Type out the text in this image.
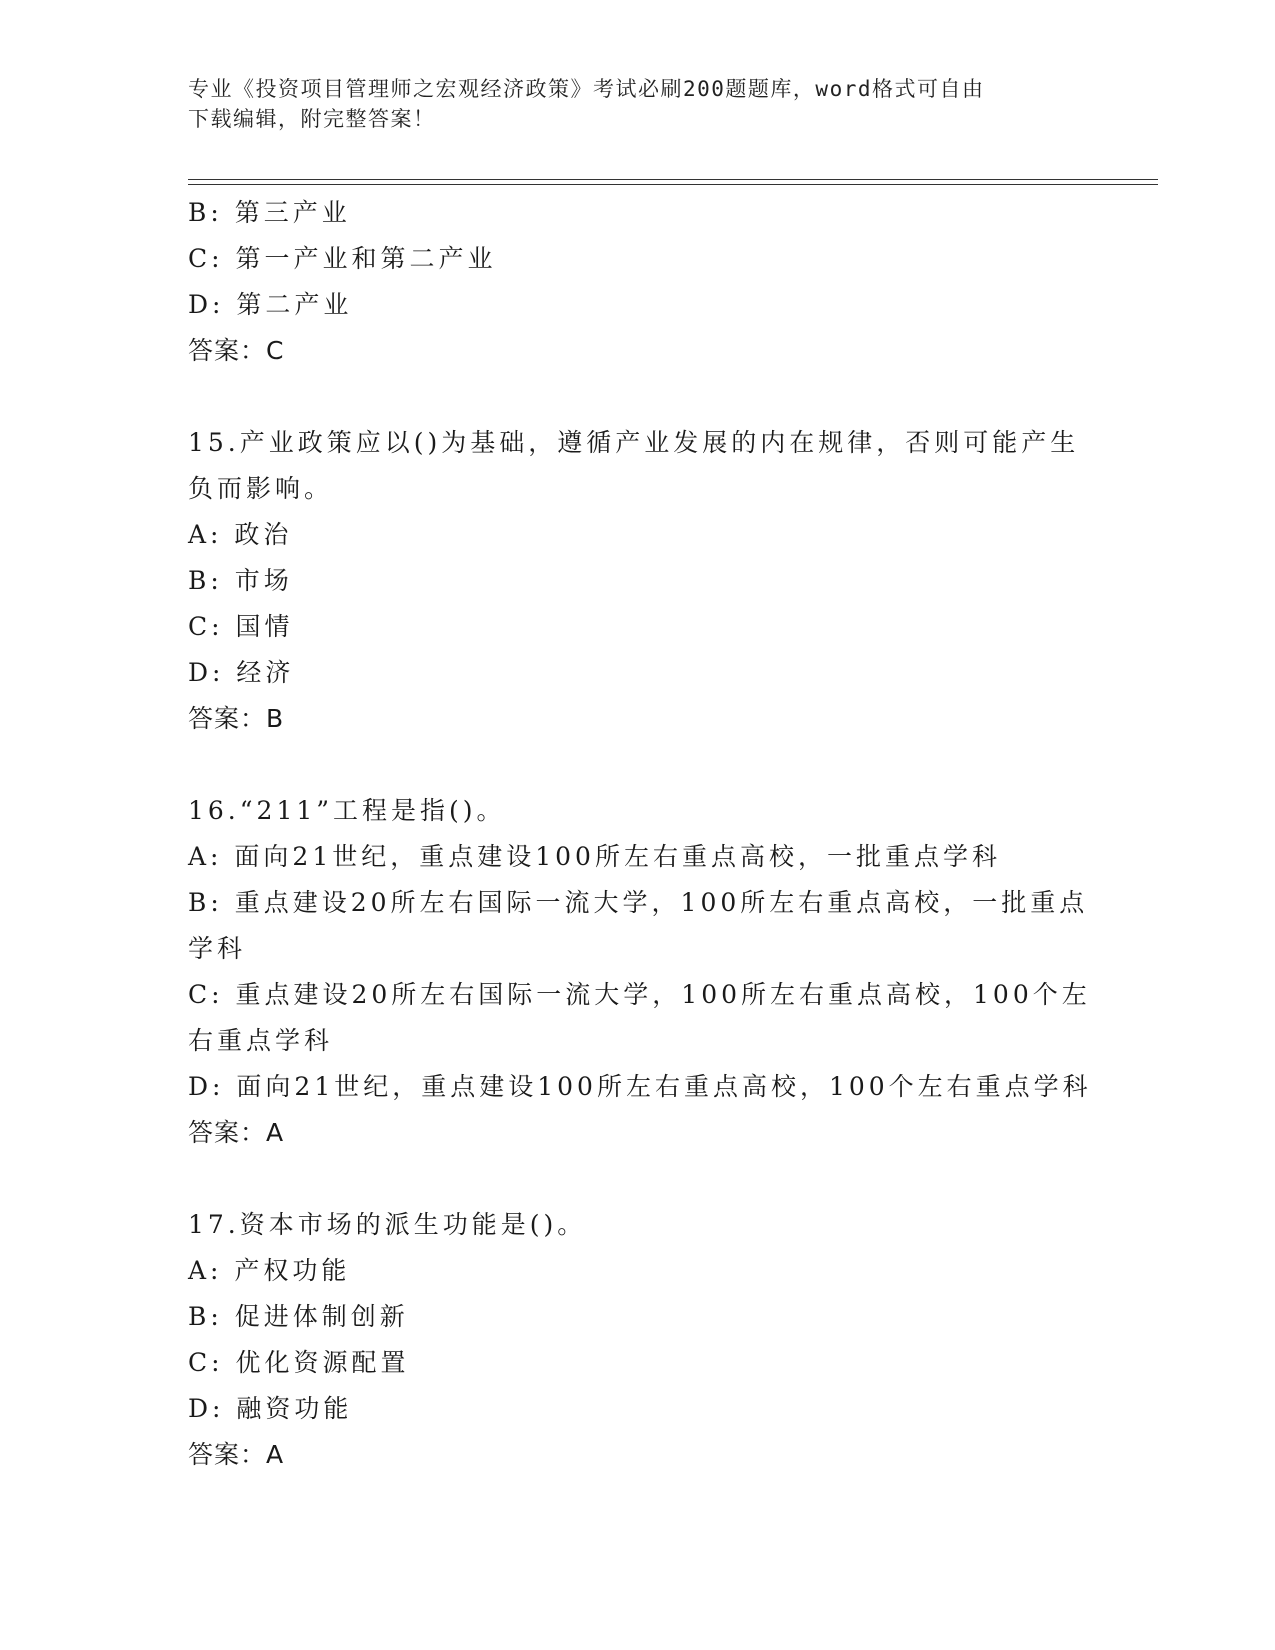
专业《投资项目管理师之宏观经济政策》考试必刷200题题库，word格式可自由
下载编辑，附完整答案！
B: 第三产业
C: 第一产业和第二产业
D: 第二产业
答案：C
15.产业政策应以()为基础，遵循产业发展的内在规律，否则可能产生
负而影响。
A: 政治
B: 市场
C: 国情
D: 经济
答案：B
16.“211”工程是指()。
A: 面向21世纪，重点建设100所左右重点高校，一批重点学科
B: 重点建设20所左右国际一流大学，100所左右重点高校，一批重点
学科
C: 重点建设20所左右国际一流大学，100所左右重点高校，100个左
右重点学科
D: 面向21世纪，重点建设100所左右重点高校，100个左右重点学科
答案：A
17.资本市场的派生功能是()。
A: 产权功能
B: 促进体制创新
C: 优化资源配置
D: 融资功能
答案：A
